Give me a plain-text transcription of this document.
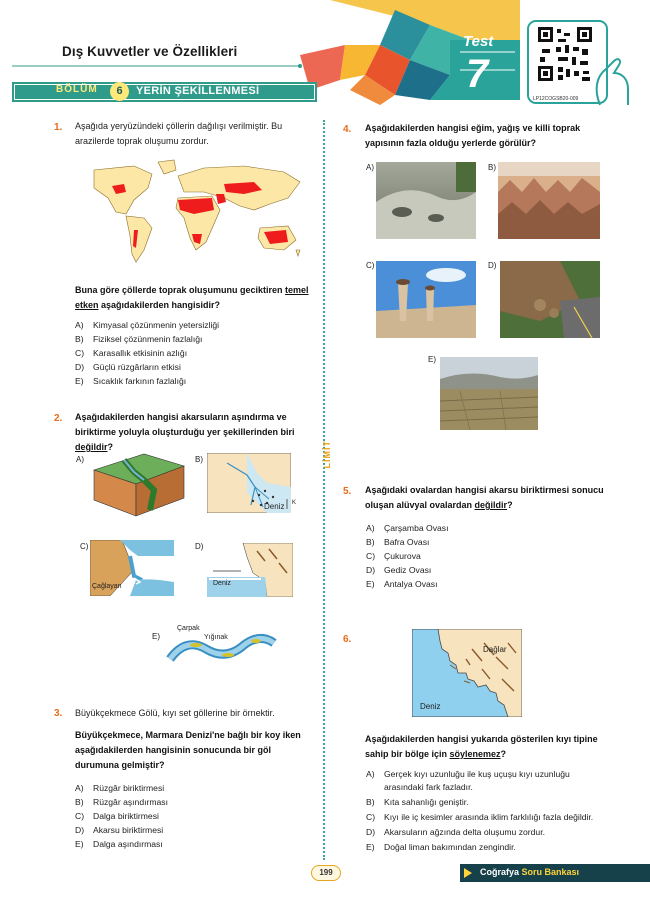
Dış Kuvvetler ve Özellikleri
BÖLÜM	6	YERİN ŞEKİLLENMESİ
Test
7
LP12COGSB20-009
LİMİT
1. Aşağıda yeryüzündeki çöllerin dağılışı verilmiştir. Bu arazilerde toprak oluşumu zordur.
Buna göre çöllerde toprak oluşumunu geciktiren temel etken aşağıdakilerden hangisidir?
A) Kimyasal çözünmenin yetersizliği
B) Fiziksel çözünmenin fazlalığı
C) Karasallık etkisinin azlığı
D) Güçlü rüzgârların etkisi
E) Sıcaklık farkının fazlalığı
2. Aşağıdakilerden hangisi akarsuların aşındırma ve biriktirme yoluyla oluşturduğu yer şekillerinden biri değildir?
A)	B)
Deniz K
C)
Çağlayan
D)
Deniz
E)
Çarpak
Yığınak
3. Büyükçekmece Gölü, kıyı set göllerine bir örnektir.
Büyükçekmece, Marmara Denizi'ne bağlı bir koy iken aşağıdakilerden hangisinin sonucunda bir göl durumuna gelmiştir?
A) Rüzgâr biriktirmesi
B) Rüzgâr aşındırması
C) Dalga biriktirmesi
D) Akarsu biriktirmesi
E) Dalga aşındırması
4. Aşağıdakilerden hangisi eğim, yağış ve killi toprak yapısının fazla olduğu yerlerde görülür?
A)	B)
C)	D)
E)
5. Aşağıdaki ovalardan hangisi akarsu biriktirmesi sonucu oluşan alüvyal ovalardan değildir?
A) Çarşamba Ovası
B) Bafra Ovası
C) Çukurova
D) Gediz Ovası
E) Antalya Ovası
6.
Dağlar
Deniz
Aşağıdakilerden hangisi yukarıda gösterilen kıyı tipine sahip bir bölge için söylenemez?
A)	Gerçek kıyı uzunluğu ile kuş uçuşu kıyı uzunluğu arasındaki fark fazladır.
B)	Kıta sahanlığı geniştir.
C)	Kıyı ile iç kesimler arasında iklim farklılığı fazla değildir.
D)	Akarsuların ağzında delta oluşumu zordur.
E)	Doğal liman bakımından zengindir.
199	Coğrafya Soru Bankası
